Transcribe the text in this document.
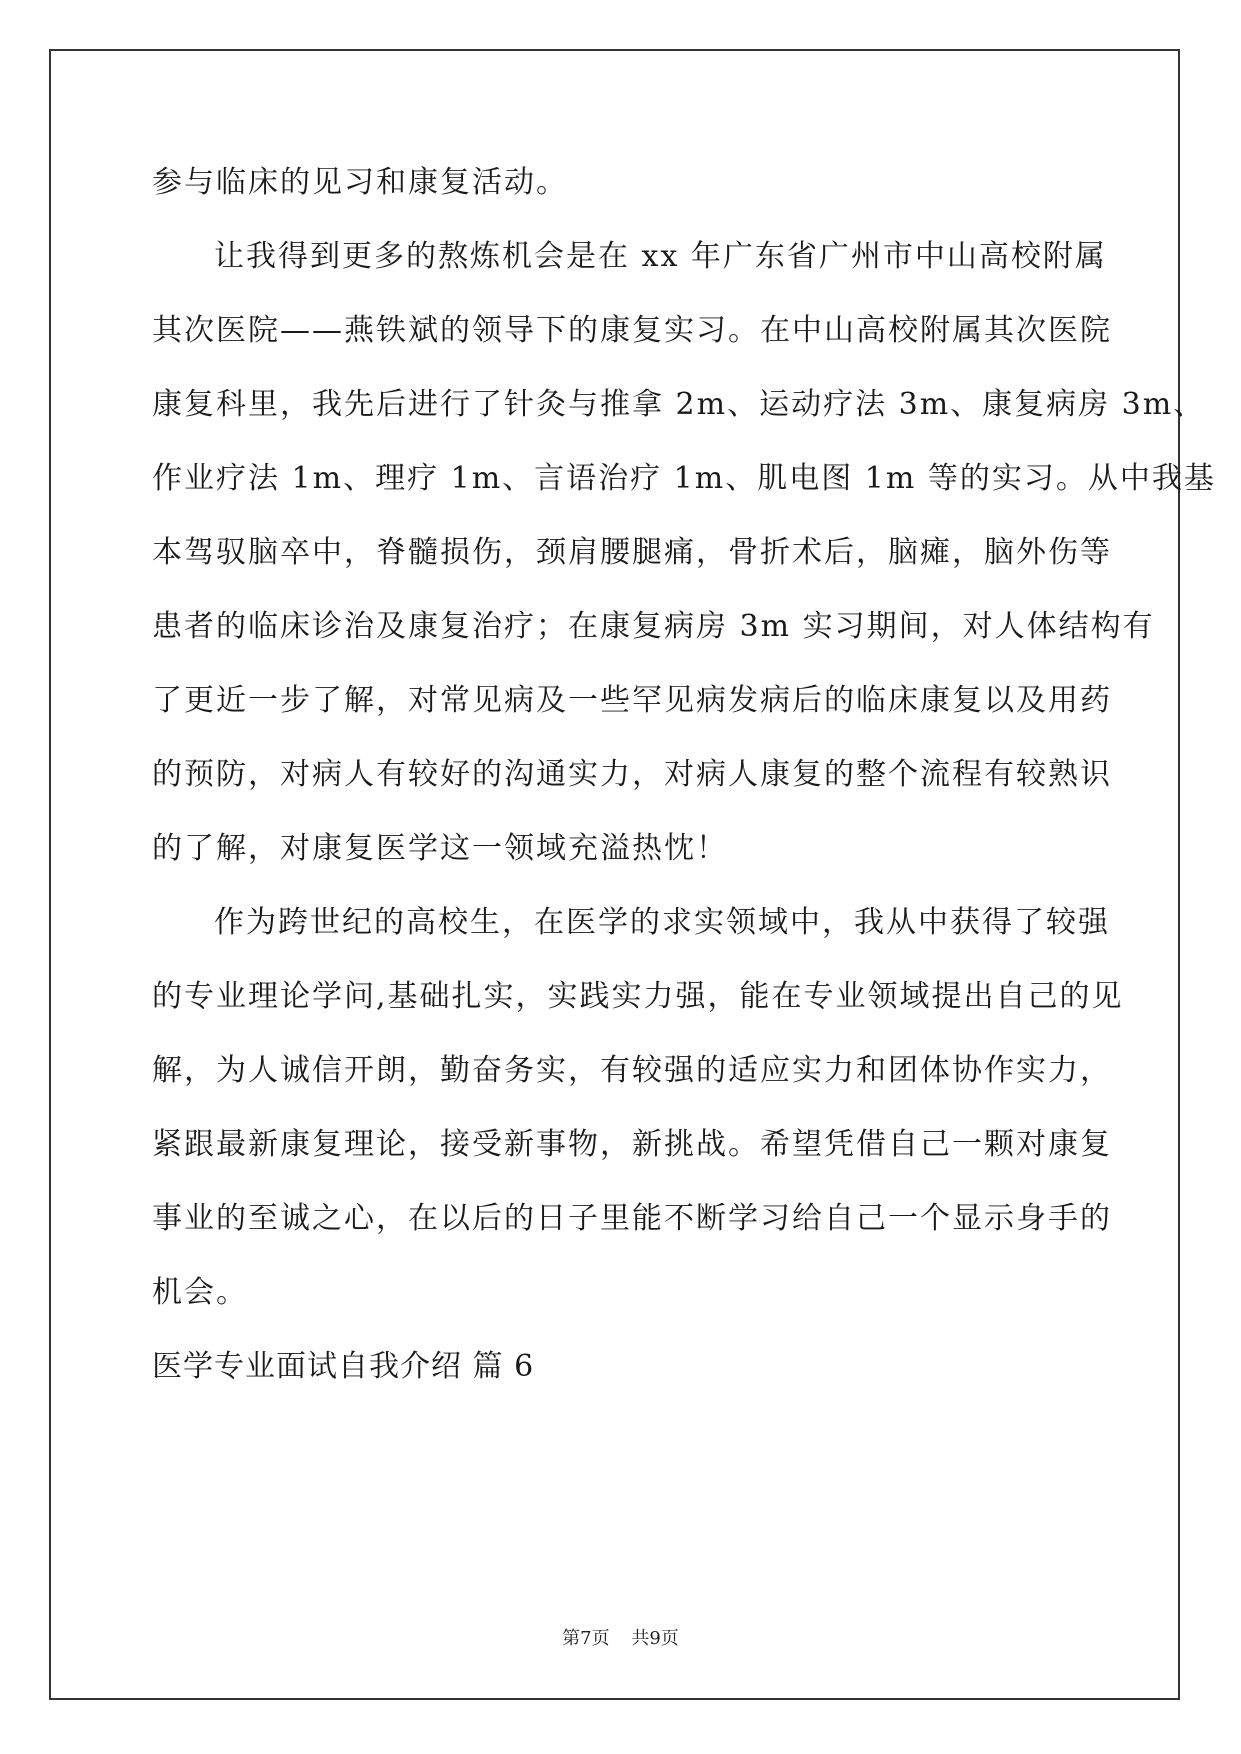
参与临床的见习和康复活动。
让我得到更多的熬炼机会是在 xx 年广东省广州市中山高校附属
其次医院——燕铁斌的领导下的康复实习。在中山高校附属其次医院
康复科里，我先后进行了针灸与推拿 2m、运动疗法 3m、康复病房 3m、
作业疗法 1m、理疗 1m、言语治疗 1m、肌电图 1m 等的实习。从中我基
本驾驭脑卒中，脊髓损伤，颈肩腰腿痛，骨折术后，脑瘫，脑外伤等
患者的临床诊治及康复治疗；在康复病房 3m 实习期间，对人体结构有
了更近一步了解，对常见病及一些罕见病发病后的临床康复以及用药
的预防，对病人有较好的沟通实力，对病人康复的整个流程有较熟识
的了解，对康复医学这一领域充溢热忱！
作为跨世纪的高校生，在医学的求实领域中，我从中获得了较强
的专业理论学问,基础扎实，实践实力强，能在专业领域提出自己的见
解，为人诚信开朗，勤奋务实，有较强的适应实力和团体协作实力，
紧跟最新康复理论，接受新事物，新挑战。希望凭借自己一颗对康复
事业的至诚之心，在以后的日子里能不断学习给自己一个显示身手的
机会。
医学专业面试自我介绍 篇 6
第7页 共9页
